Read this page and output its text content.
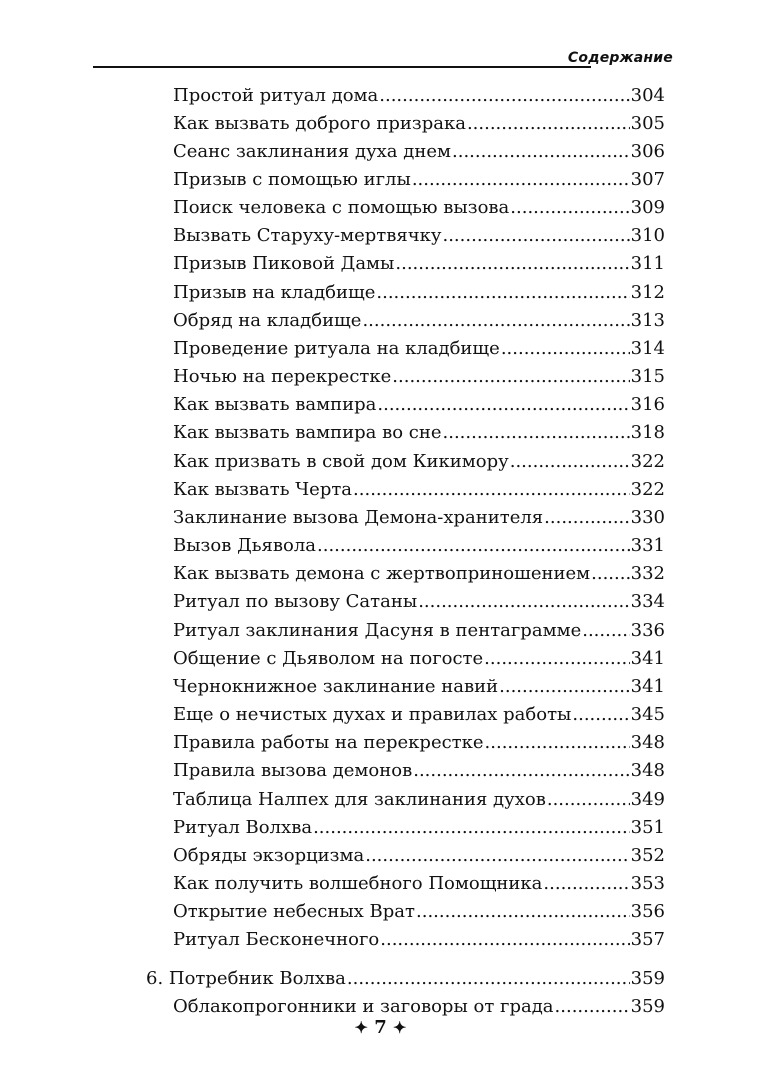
Содержание
Простой ритуал дома .....	304
Как вызвать доброго призрака .....	305
Сеанс заклинания духа днем .....	306
Призыв с помощью иглы .....	307
Поиск человека с помощью вызова .....	309
Вызвать Старуху-мертвячку .....	310
Призыв Пиковой Дамы .....	311
Призыв на кладбище .....	312
Обряд на кладбище .....	313
Проведение ритуала на кладбище .....	314
Ночью на перекрестке .....	315
Как вызвать вампира .....	316
Как вызвать вампира во сне .....	318
Как призвать в свой дом Кикимору .....	322
Как вызвать Черта .....	322
Заклинание вызова Демона-хранителя .....	330
Вызов Дьявола .....	331
Как вызвать демона с жертвоприношением ..... 332
Ритуал по вызову Сатаны .....	334
Ритуал заклинания Дасуня в пентаграмме .....	336
Общение с Дьяволом на погосте .....	341
Чернокнижное заклинание навий .....	341
Еще о нечистых духах и правилах работы .....	345
Правила работы на перекрестке .....	348
Правила вызова демонов .....	348
Таблица Налпех для заклинания духов .....	349
Ритуал Волхва .....	351
Обряды экзорцизма .....	352
Как получить волшебного Помощника .....	353
Открытие небесных Врат .....	356
Ритуал Бесконечного .....	357
6. Потребник Волхва .....	359
Облакопрогонники и заговоры от града .....	359
✦ 7 ✦
